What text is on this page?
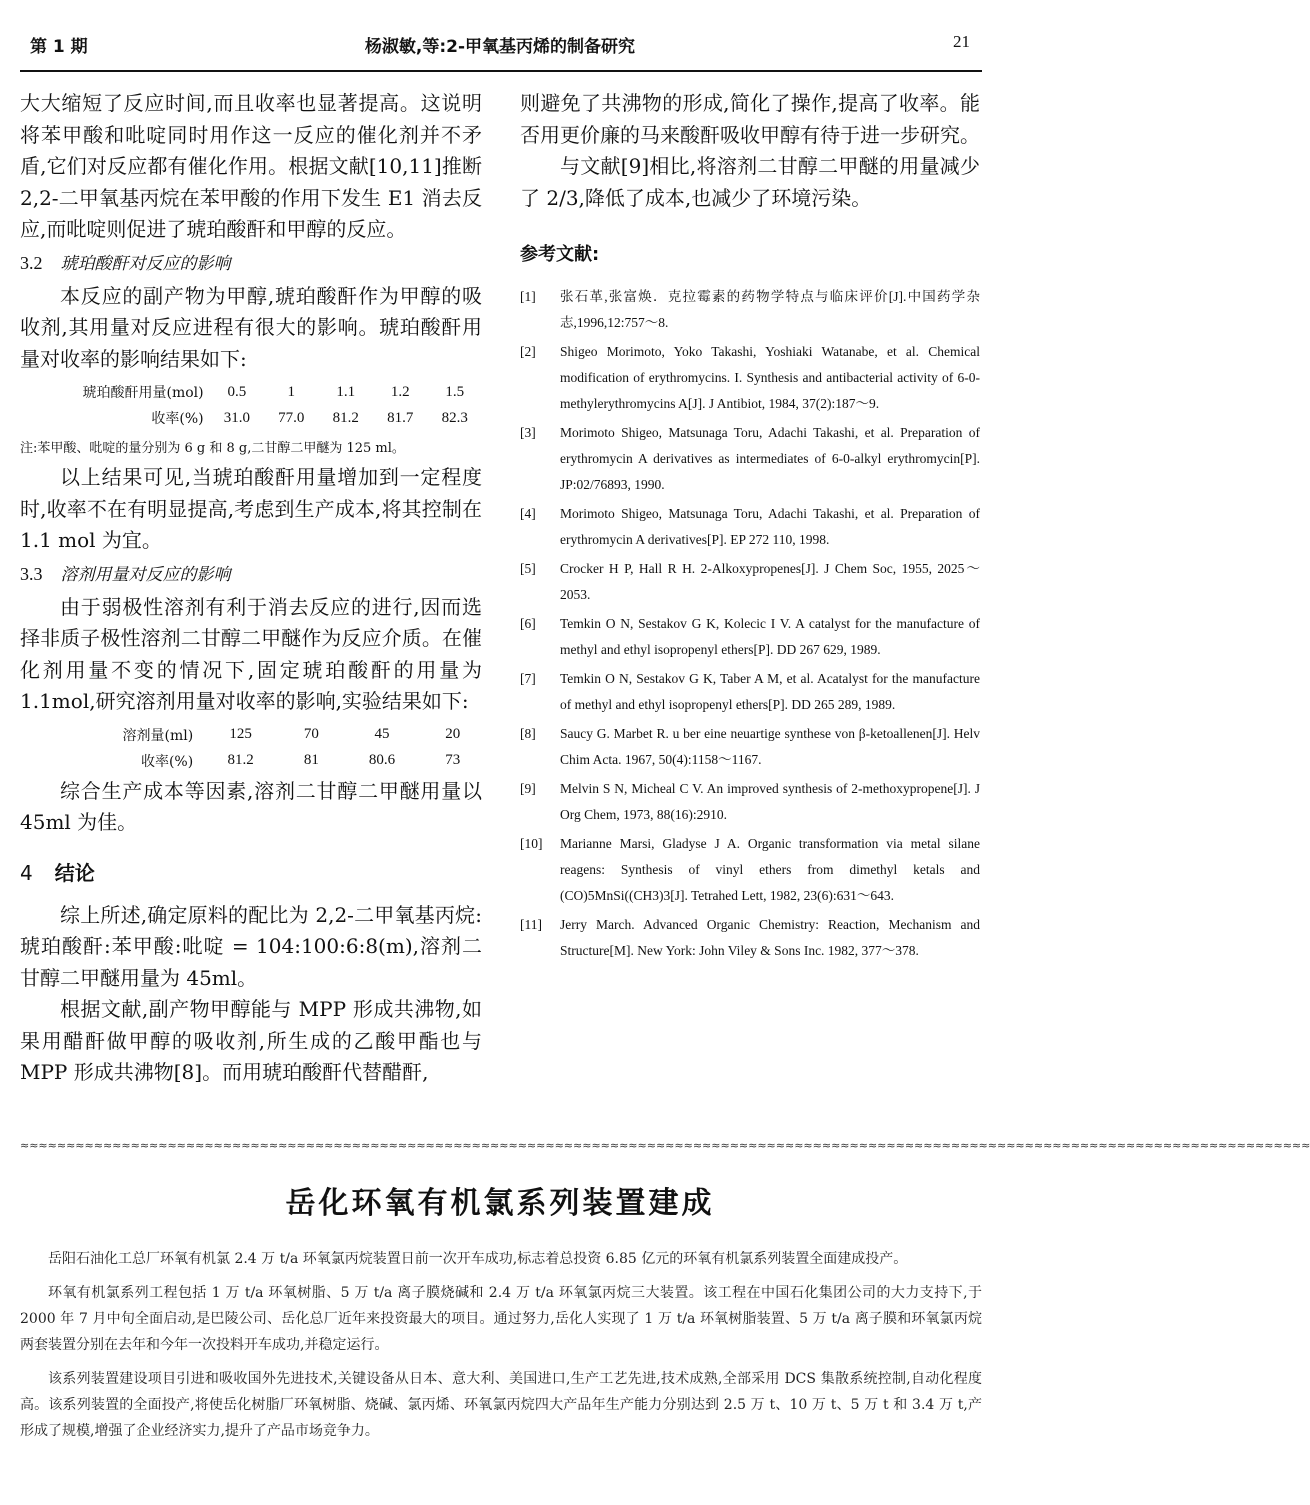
第 1 期	杨淑敏,等:2-甲氧基丙烯的制备研究	21

大大缩短了反应时间,而且收率也显著提高。这说明将苯甲酸和吡啶同时用作这一反应的催化剂并不矛盾,它们对反应都有催化作用。根据文献[10,11]推断2,2-二甲氧基丙烷在苯甲酸的作用下发生 E1 消去反应,而吡啶则促进了琥珀酸酐和甲醇的反应。

3.2 琥珀酸酐对反应的影响

本反应的副产物为甲醇,琥珀酸酐作为甲醇的吸收剂,其用量对反应进程有很大的影响。琥珀酸酐用量对收率的影响结果如下:

琥珀酸酐用量(mol)	0.5	1	1.1	1.2	1.5
收率(%)	31.0	77.0	81.2	81.7	82.3
注:苯甲酸、吡啶的量分别为 6 g 和 8 g,二甘醇二甲醚为 125 ml。

以上结果可见,当琥珀酸酐用量增加到一定程度时,收率不在有明显提高,考虑到生产成本,将其控制在 1.1 mol 为宜。

3.3 溶剂用量对反应的影响

由于弱极性溶剂有利于消去反应的进行,因而选择非质子极性溶剂二甘醇二甲醚作为反应介质。在催化剂用量不变的情况下,固定琥珀酸酐的用量为 1.1mol,研究溶剂用量对收率的影响,实验结果如下:

溶剂量(ml)	125	70	45	20
收率(%)	81.2	81	80.6	73

综合生产成本等因素,溶剂二甘醇二甲醚用量以 45ml 为佳。

4 结论

综上所述,确定原料的配比为 2,2-二甲氧基丙烷:琥珀酸酐:苯甲酸:吡啶 = 104:100:6:8(m),溶剂二甘醇二甲醚用量为 45ml。

根据文献,副产物甲醇能与 MPP 形成共沸物,如果用醋酐做甲醇的吸收剂,所生成的乙酸甲酯也与 MPP 形成共沸物[8]。而用琥珀酸酐代替醋酐,

则避免了共沸物的形成,简化了操作,提高了收率。能否用更价廉的马来酸酐吸收甲醇有待于进一步研究。

与文献[9]相比,将溶剂二甘醇二甲醚的用量减少了 2/3,降低了成本,也减少了环境污染。

参考文献:
[1]	张石革,张富焕．克拉霉素的药物学特点与临床评价[J].中国药学杂志,1996,12:757～8.
[2]	Shigeo Morimoto, Yoko Takashi, Yoshiaki Watanabe, et al. Chemical modification of erythromycins. I. Synthesis and antibacterial activity of 6-0-methylerythromycins A[J]. J Antibiot, 1984, 37(2):187～9.
[3]	Morimoto Shigeo, Matsunaga Toru, Adachi Takashi, et al. Preparation of erythromycin A derivatives as intermediates of 6-0-alkyl erythromycin[P]. JP:02/76893, 1990.
[4]	Morimoto Shigeo, Matsunaga Toru, Adachi Takashi, et al. Preparation of erythromycin A derivatives[P]. EP 272 110, 1998.
[5]	Crocker H P, Hall R H. 2-Alkoxypropenes[J]. J Chem Soc, 1955, 2025～2053.
[6]	Temkin O N, Sestakov G K, Kolecic I V. A catalyst for the manufacture of methyl and ethyl isopropenyl ethers[P]. DD 267 629, 1989.
[7]	Temkin O N, Sestakov G K, Taber A M, et al. Acatalyst for the manufacture of methyl and ethyl isopropenyl ethers[P]. DD 265 289, 1989.
[8]	Saucy G. Marbet R. u ber eine neuartige synthese von β-ketoallenen[J]. Helv Chim Acta. 1967, 50(4):1158～1167.
[9]	Melvin S N, Micheal C V. An improved synthesis of 2-methoxypropene[J]. J Org Chem, 1973, 88(16):2910.
[10]	Marianne Marsi, Gladyse J A. Organic transformation via metal silane reagens: Synthesis of vinyl ethers from dimethyl ketals and (CO)5MnSi((CH3)3[J]. Tetrahed Lett, 1982, 23(6):631～643.
[11]	Jerry March. Advanced Organic Chemistry: Reaction, Mechanism and Structure[M]. New York: John Viley & Sons Inc. 1982, 377～378.
≈≈≈≈≈≈≈≈≈≈≈≈≈≈≈≈≈≈≈≈≈≈≈≈≈≈≈≈≈≈≈≈≈≈≈≈≈≈≈≈≈≈≈≈≈≈≈≈≈≈≈≈≈≈≈≈≈≈≈≈≈≈≈≈≈≈≈≈≈≈≈≈≈≈≈≈≈≈≈≈≈≈≈≈≈≈≈≈≈≈≈≈≈≈≈≈≈≈≈≈≈≈≈≈≈≈≈≈≈≈≈≈≈≈≈≈≈≈≈≈≈≈≈≈≈≈≈≈≈≈≈≈≈≈≈≈≈≈≈≈
岳化环氧有机氯系列装置建成

岳阳石油化工总厂环氧有机氯 2.4 万 t/a 环氧氯丙烷装置日前一次开车成功,标志着总投资 6.85 亿元的环氧有机氯系列装置全面建成投产。

环氧有机氯系列工程包括 1 万 t/a 环氧树脂、5 万 t/a 离子膜烧碱和 2.4 万 t/a 环氧氯丙烷三大装置。该工程在中国石化集团公司的大力支持下,于 2000 年 7 月中旬全面启动,是巴陵公司、岳化总厂近年来投资最大的项目。通过努力,岳化人实现了 1 万 t/a 环氧树脂装置、5 万 t/a 离子膜和环氧氯丙烷两套装置分别在去年和今年一次投料开车成功,并稳定运行。

该系列装置建设项目引进和吸收国外先进技术,关键设备从日本、意大利、美国进口,生产工艺先进,技术成熟,全部采用 DCS 集散系统控制,自动化程度高。该系列装置的全面投产,将使岳化树脂厂环氧树脂、烧碱、氯丙烯、环氧氯丙烷四大产品年生产能力分别达到 2.5 万 t、10 万 t、5 万 t 和 3.4 万 t,产形成了规模,增强了企业经济实力,提升了产品市场竞争力。
